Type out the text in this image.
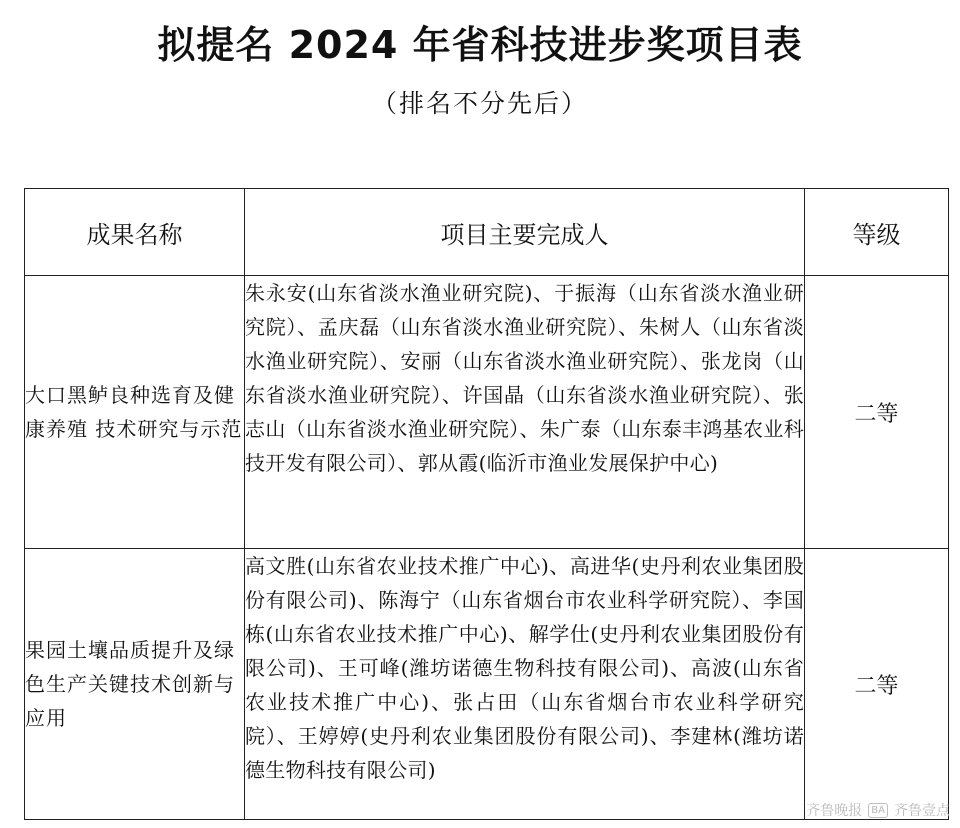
拟提名 2024 年省科技进步奖项目表
（排名不分先后）
成果名称	项目主要完成人	等级
大口黑鲈良种选育及健康养殖 技术研究与示范	朱永安(山东省淡水渔业研究院)、于振海（山东省淡水渔业研究院）、孟庆磊（山东省淡水渔业研究院）、朱树人（山东省淡水渔业研究院）、安丽（山东省淡水渔业研究院）、张龙岗（山东省淡水渔业研究院）、许国晶（山东省淡水渔业研究院）、张志山（山东省淡水渔业研究院）、朱广泰（山东泰丰鸿基农业科技开发有限公司）、郭从霞(临沂市渔业发展保护中心)	二等
果园土壤品质提升及绿色生产关键技术创新与应用	高文胜(山东省农业技术推广中心)、高进华(史丹利农业集团股份有限公司)、陈海宁（山东省烟台市农业科学研究院）、李国栋(山东省农业技术推广中心)、解学仕(史丹利农业集团股份有限公司)、王可峰(潍坊诺德生物科技有限公司)、高波(山东省农业技术推广中心)、张占田（山东省烟台市农业科学研究院）、王婷婷(史丹利农业集团股份有限公司)、李建林(潍坊诺德生物科技有限公司)	二等
齐鲁晚报 BA 齐鲁壹点
